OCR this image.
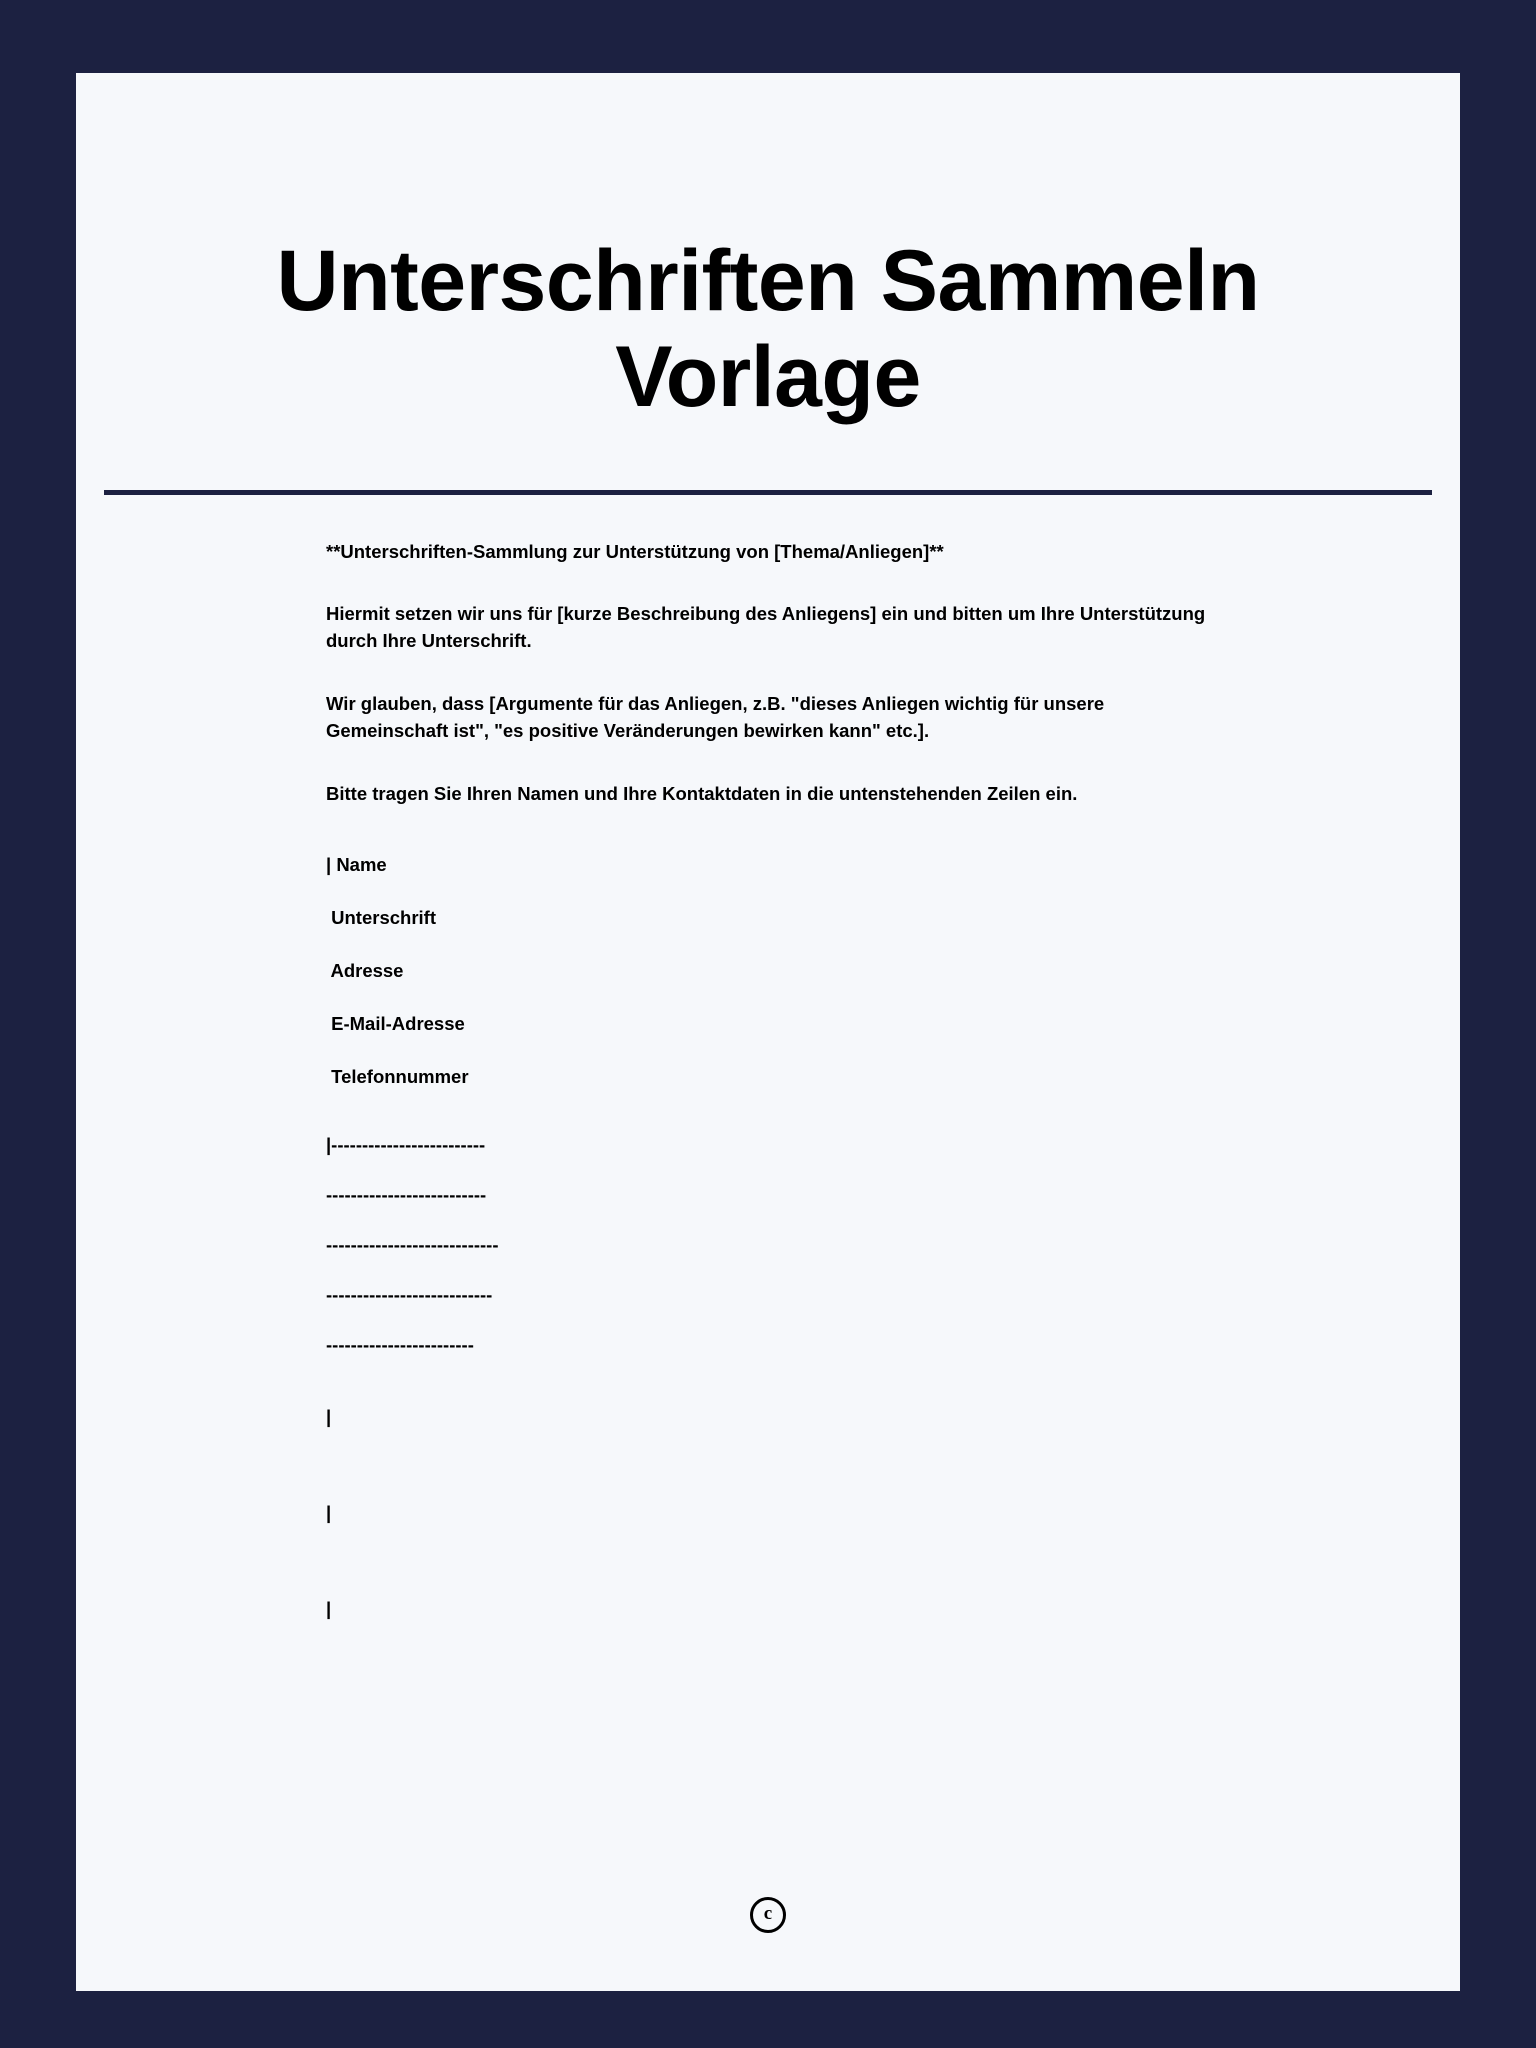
Unterschriften Sammeln Vorlage

**Unterschriften-Sammlung zur Unterstützung von [Thema/Anliegen]**

Hiermit setzen wir uns für [kurze Beschreibung des Anliegens] ein und bitten um Ihre Unterstützung durch Ihre Unterschrift.

Wir glauben, dass [Argumente für das Anliegen, z.B. "dieses Anliegen wichtig für unsere Gemeinschaft ist", "es positive Veränderungen bewirken kann" etc.].

Bitte tragen Sie Ihren Namen und Ihre Kontaktdaten in die untenstehenden Zeilen ein.

| Name
Unterschrift
Adresse
E-Mail-Adresse
Telefonnummer
|-------------------------
--------------------------
----------------------------
---------------------------
------------------------
|
|
|
c
